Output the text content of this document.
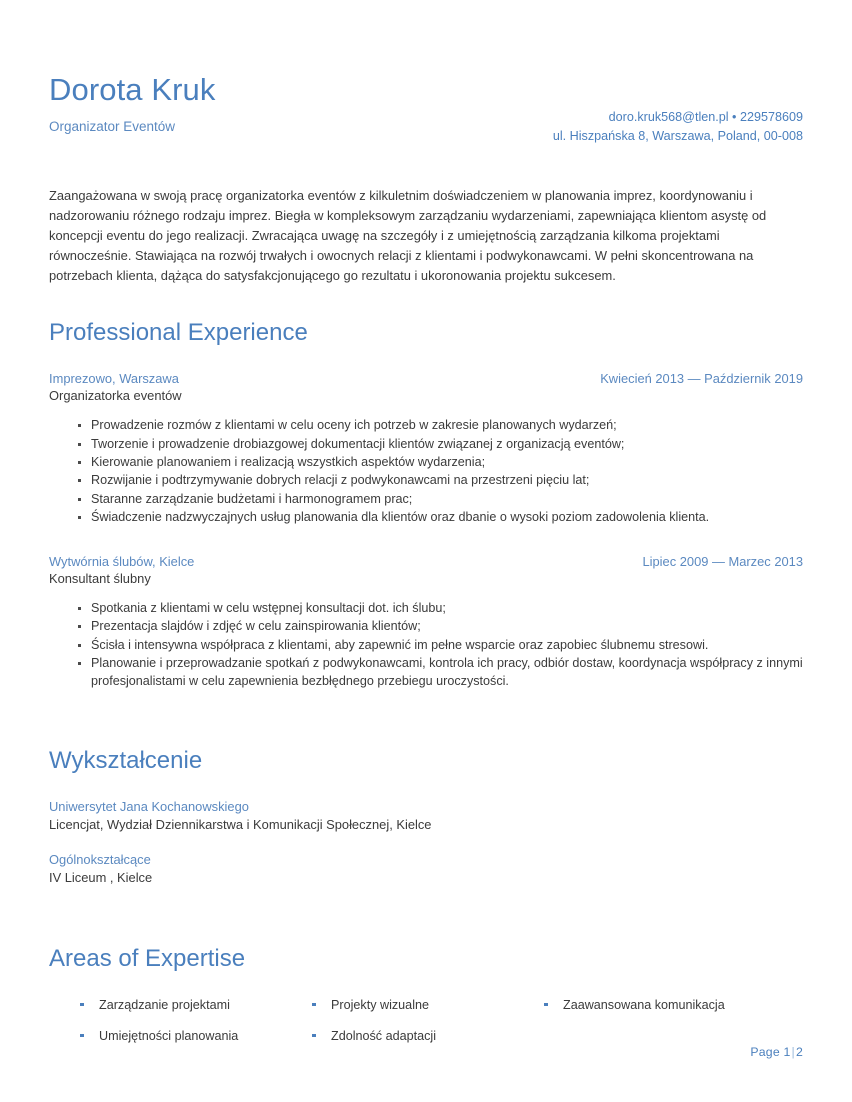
Dorota Kruk
Organizator Eventów
doro.kruk568@tlen.pl • 229578609
ul. Hiszpańska 8, Warszawa, Poland, 00-008
Zaangażowana w swoją pracę organizatorka eventów z kilkuletnim doświadczeniem w planowania imprez, koordynowaniu i nadzorowaniu różnego rodzaju imprez. Biegła w kompleksowym zarządzaniu wydarzeniami, zapewniająca klientom asystę od koncepcji eventu do jego realizacji. Zwracająca uwagę na szczegóły i z umiejętnością zarządzania kilkoma projektami równocześnie. Stawiająca na rozwój trwałych i owocnych relacji z klientami i podwykonawcami. W pełni skoncentrowana na potrzebach klienta, dążąca do satysfakcjonującego go rezultatu i ukoronowania projektu sukcesem.
Professional Experience
Imprezowo, Warszawa	Kwiecień 2013 — Październik 2019
Organizatorka eventów
Prowadzenie rozmów z klientami w celu oceny ich potrzeb w zakresie planowanych wydarzeń;
Tworzenie i prowadzenie drobiazgowej dokumentacji klientów związanej z organizacją eventów;
Kierowanie planowaniem i realizacją wszystkich aspektów wydarzenia;
Rozwijanie i podtrzymywanie dobrych relacji z podwykonawcami na przestrzeni pięciu lat;
Staranne zarządzanie budżetami i harmonogramem prac;
Świadczenie nadzwyczajnych usług planowania dla klientów oraz dbanie o wysoki poziom zadowolenia klienta.
Wytwórnia ślubów, Kielce	Lipiec 2009 — Marzec 2013
Konsultant ślubny
Spotkania z klientami w celu wstępnej konsultacji dot. ich ślubu;
Prezentacja slajdów i zdjęć w celu zainspirowania klientów;
Ścisła i intensywna współpraca z klientami, aby zapewnić im pełne wsparcie oraz zapobiec ślubnemu stresowi.
Planowanie i przeprowadzanie spotkań z podwykonawcami, kontrola ich pracy, odbiór dostaw, koordynacja współpracy z innymi profesjonalistami w celu zapewnienia bezbłędnego przebiegu uroczystości.
Wykształcenie
Uniwersytet Jana Kochanowskiego
Licencjat, Wydział Dziennikarstwa i Komunikacji Społecznej, Kielce
Ogólnokształcące
IV Liceum , Kielce
Areas of Expertise
Zarządzanie projektami	Projekty wizualne	Zaawansowana komunikacja
Umiejętności planowania	Zdolność adaptacji
Page 1|2
